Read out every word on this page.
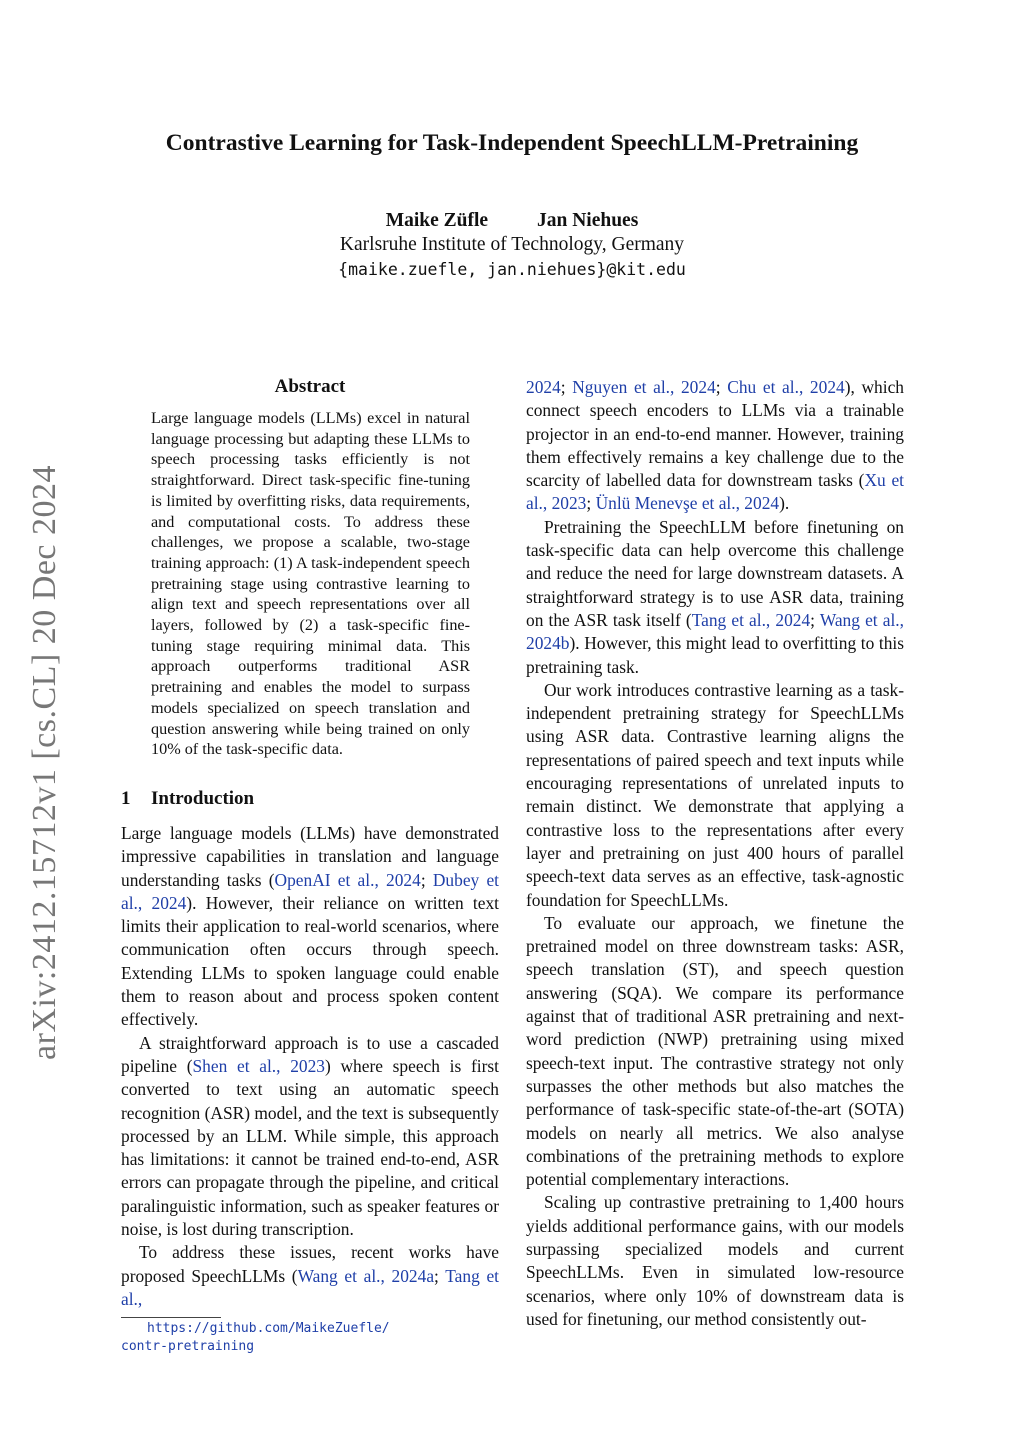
arXiv:2412.15712v1 [cs.CL] 20 Dec 2024
Contrastive Learning for Task-Independent SpeechLLM-Pretraining
Maike Züfle	Jan Niehues
Karlsruhe Institute of Technology, Germany
{maike.zuefle, jan.niehues}@kit.edu
Abstract
Large language models (LLMs) excel in natural language processing but adapting these LLMs to speech processing tasks efficiently is not straightforward. Direct task-specific fine-tuning is limited by overfitting risks, data requirements, and computational costs. To address these challenges, we propose a scalable, two-stage training approach: (1) A task-independent speech pretraining stage using contrastive learning to align text and speech representations over all layers, followed by (2) a task-specific fine-tuning stage requiring minimal data. This approach outperforms traditional ASR pretraining and enables the model to surpass models specialized on speech translation and question answering while being trained on only 10% of the task-specific data.
1 Introduction

Large language models (LLMs) have demonstrated impressive capabilities in translation and language understanding tasks (OpenAI et al., 2024; Dubey et al., 2024). However, their reliance on written text limits their application to real-world scenarios, where communication often occurs through speech. Extending LLMs to spoken language could enable them to reason about and process spoken content effectively.

A straightforward approach is to use a cascaded pipeline (Shen et al., 2023) where speech is first converted to text using an automatic speech recognition (ASR) model, and the text is subsequently processed by an LLM. While simple, this approach has limitations: it cannot be trained end-to-end, ASR errors can propagate through the pipeline, and critical paralinguistic information, such as speaker features or noise, is lost during transcription.

To address these issues, recent works have proposed SpeechLLMs (Wang et al., 2024a; Tang et al.,

https://github.com/MaikeZuefle/
contr-pretraining

2024; Nguyen et al., 2024; Chu et al., 2024), which connect speech encoders to LLMs via a trainable projector in an end-to-end manner. However, training them effectively remains a key challenge due to the scarcity of labelled data for downstream tasks (Xu et al., 2023; Ünlü Menevşe et al., 2024).

Pretraining the SpeechLLM before finetuning on task-specific data can help overcome this challenge and reduce the need for large downstream datasets. A straightforward strategy is to use ASR data, training on the ASR task itself (Tang et al., 2024; Wang et al., 2024b). However, this might lead to overfitting to this pretraining task.

Our work introduces contrastive learning as a task-independent pretraining strategy for SpeechLLMs using ASR data. Contrastive learning aligns the representations of paired speech and text inputs while encouraging representations of unrelated inputs to remain distinct. We demonstrate that applying a contrastive loss to the representations after every layer and pretraining on just 400 hours of parallel speech-text data serves as an effective, task-agnostic foundation for SpeechLLMs.

To evaluate our approach, we finetune the pretrained model on three downstream tasks: ASR, speech translation (ST), and speech question answering (SQA). We compare its performance against that of traditional ASR pretraining and next-word prediction (NWP) pretraining using mixed speech-text input. The contrastive strategy not only surpasses the other methods but also matches the performance of task-specific state-of-the-art (SOTA) models on nearly all metrics. We also analyse combinations of the pretraining methods to explore potential complementary interactions.

Scaling up contrastive pretraining to 1,400 hours yields additional performance gains, with our models surpassing specialized models and current SpeechLLMs. Even in simulated low-resource scenarios, where only 10% of downstream data is used for finetuning, our method consistently out-
